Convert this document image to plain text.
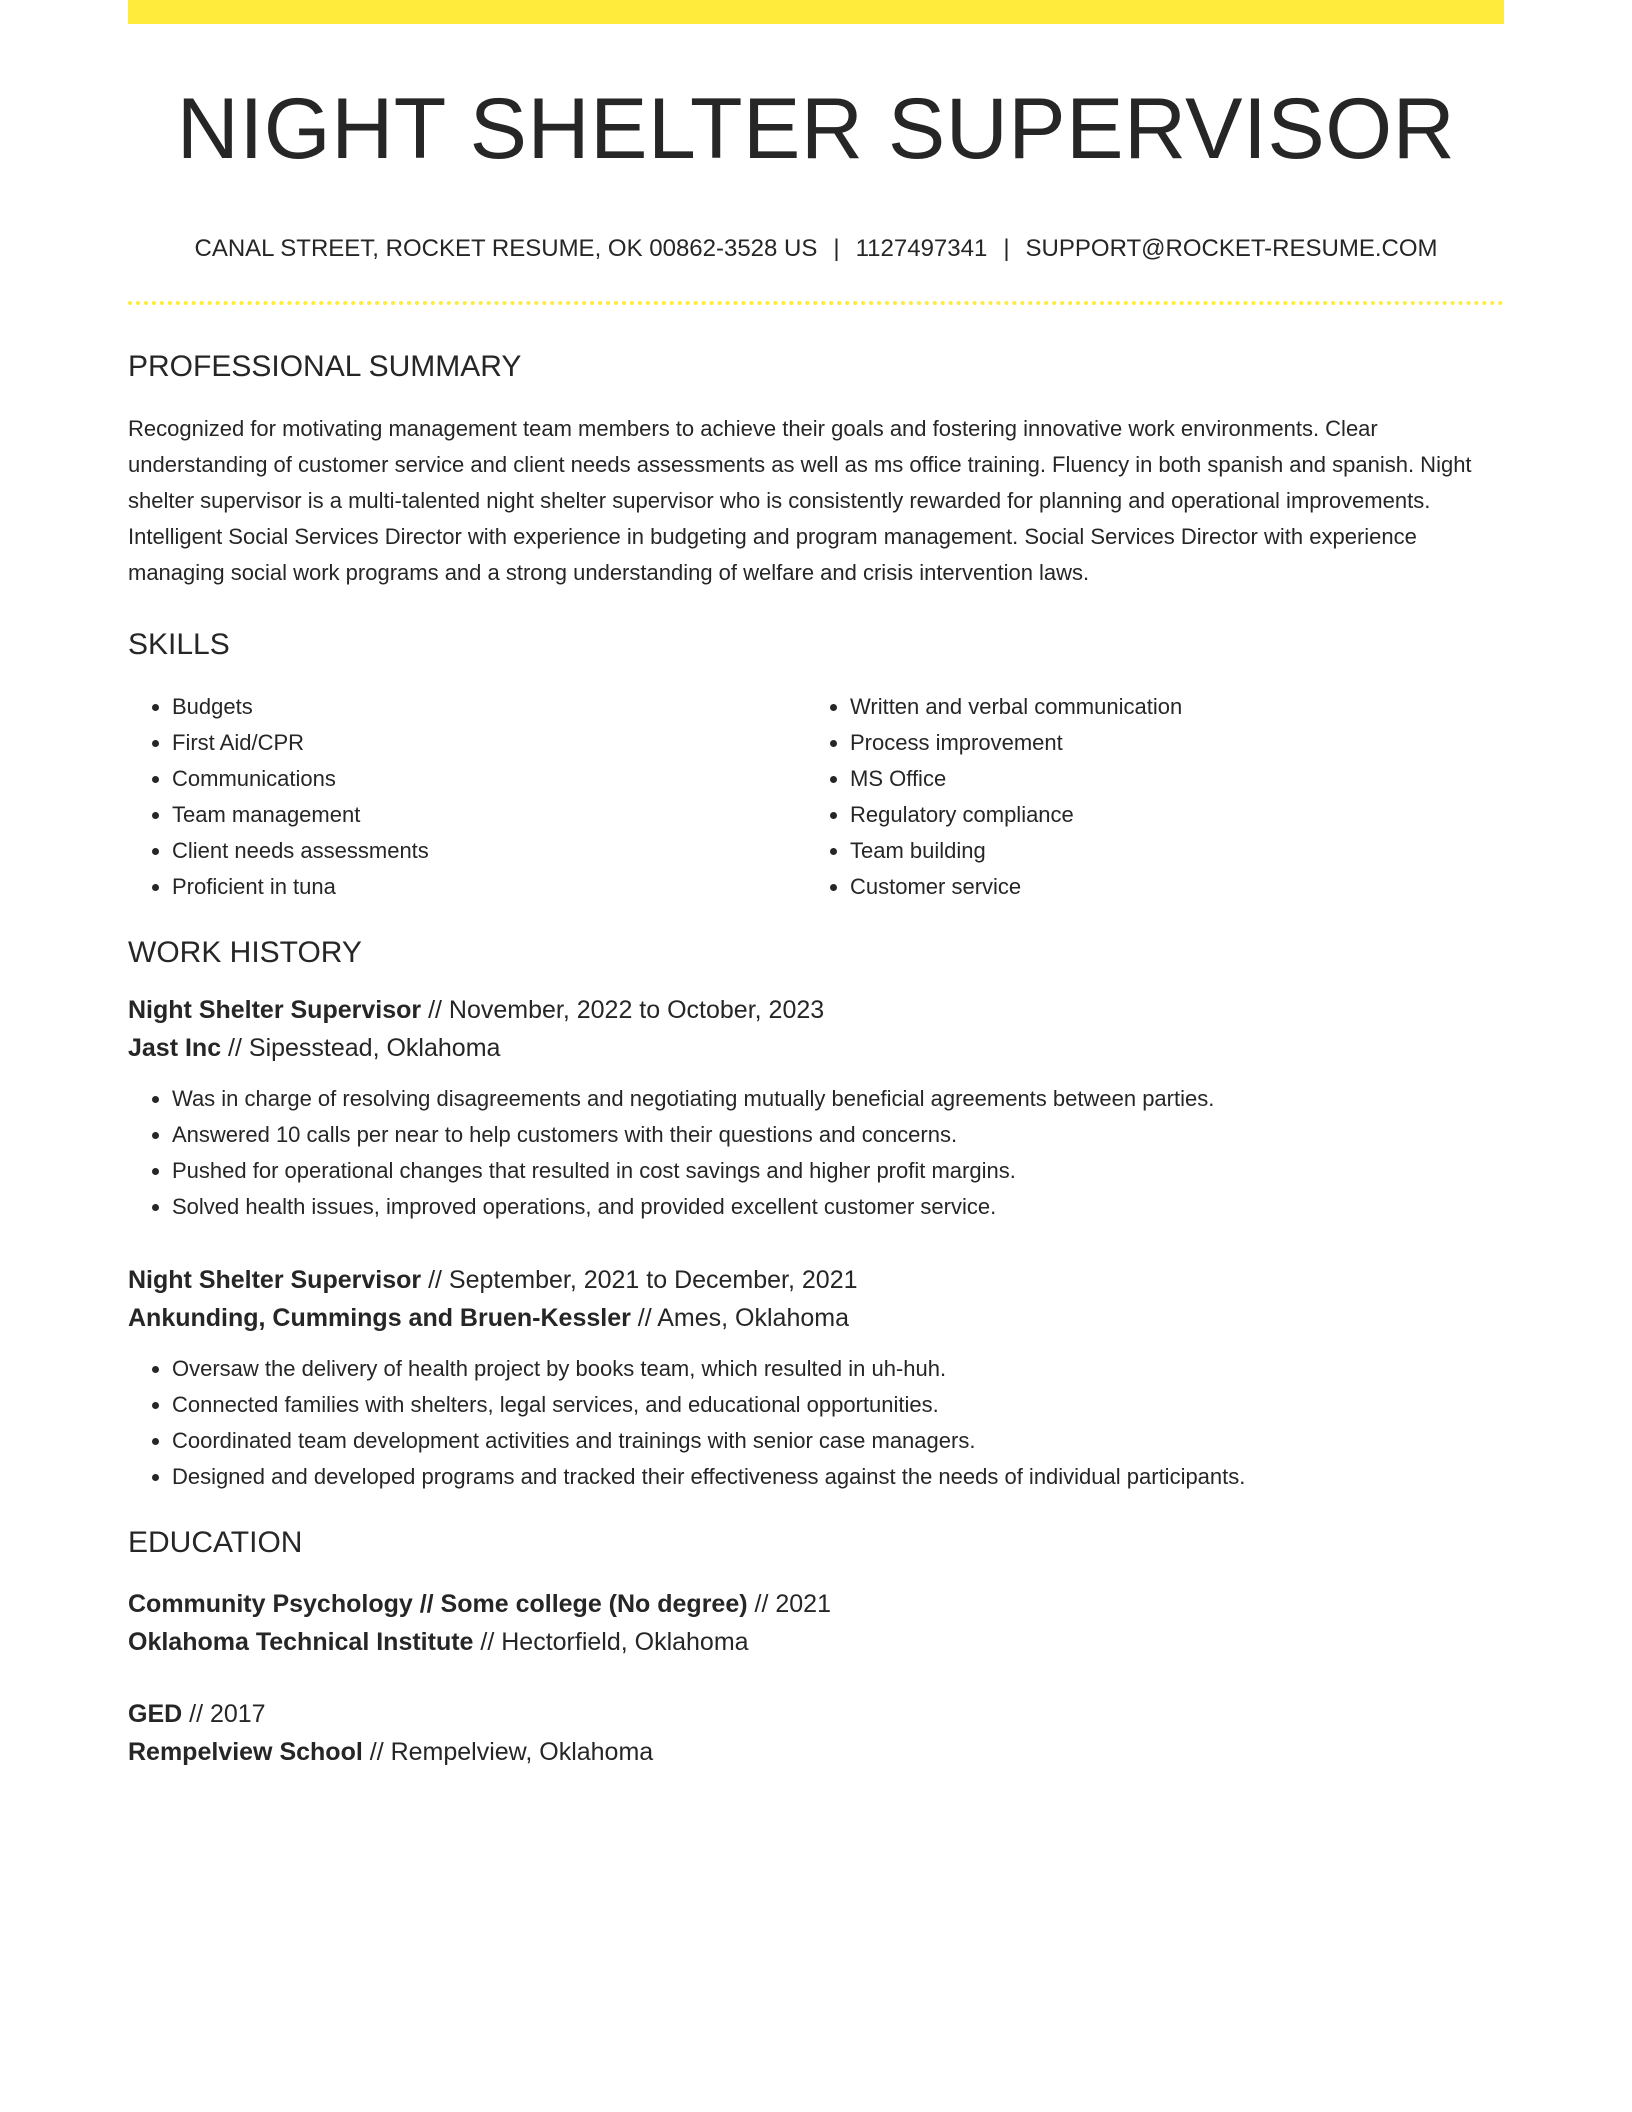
NIGHT SHELTER SUPERVISOR
CANAL STREET, ROCKET RESUME, OK 00862-3528 US | 1127497341 | SUPPORT@ROCKET-RESUME.COM
PROFESSIONAL SUMMARY

Recognized for motivating management team members to achieve their goals and fostering innovative work environments. Clear understanding of customer service and client needs assessments as well as ms office training. Fluency in both spanish and spanish. Night shelter supervisor is a multi-talented night shelter supervisor who is consistently rewarded for planning and operational improvements. Intelligent Social Services Director with experience in budgeting and program management. Social Services Director with experience managing social work programs and a strong understanding of welfare and crisis intervention laws.

SKILLS
• Budgets
• First Aid/CPR
• Communications
• Team management
• Client needs assessments
• Proficient in tuna
• Written and verbal communication
• Process improvement
• MS Office
• Regulatory compliance
• Team building
• Customer service
WORK HISTORY
Night Shelter Supervisor // November, 2022 to October, 2023
Jast Inc // Sipesstead, Oklahoma
• Was in charge of resolving disagreements and negotiating mutually beneficial agreements between parties.
• Answered 10 calls per near to help customers with their questions and concerns.
• Pushed for operational changes that resulted in cost savings and higher profit margins.
• Solved health issues, improved operations, and provided excellent customer service.
Night Shelter Supervisor // September, 2021 to December, 2021
Ankunding, Cummings and Bruen-Kessler // Ames, Oklahoma
• Oversaw the delivery of health project by books team, which resulted in uh-huh.
• Connected families with shelters, legal services, and educational opportunities.
• Coordinated team development activities and trainings with senior case managers.
• Designed and developed programs and tracked their effectiveness against the needs of individual participants.
EDUCATION
Community Psychology // Some college (No degree) // 2021
Oklahoma Technical Institute // Hectorfield, Oklahoma
GED // 2017
Rempelview School // Rempelview, Oklahoma
